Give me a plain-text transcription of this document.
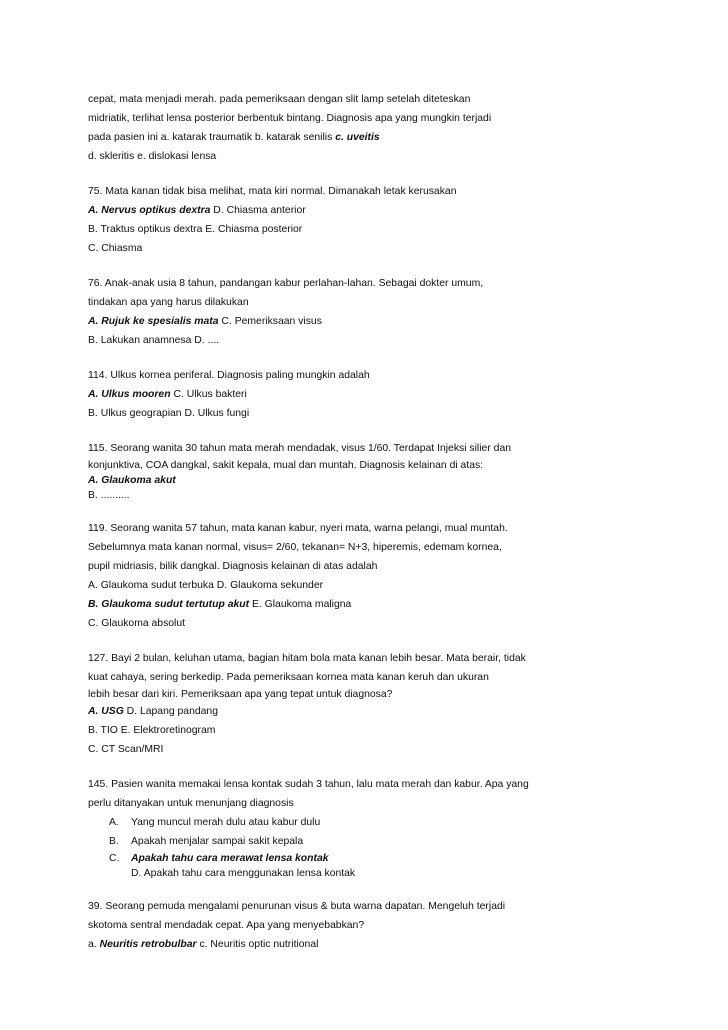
cepat, mata menjadi merah. pada pemeriksaan dengan slit lamp setelah diteteskan
midriatik, terlihat lensa posterior berbentuk bintang. Diagnosis apa yang mungkin terjadi
pada pasien ini a. katarak traumatik b. katarak senilis c. uveitis
d. skleritis e. dislokasi lensa
75. Mata kanan tidak bisa melihat, mata kiri normal. Dimanakah letak kerusakan
A. Nervus optikus dextra D. Chiasma anterior
B. Traktus optikus dextra E. Chiasma posterior
C. Chiasma
76. Anak-anak usia 8 tahun, pandangan kabur perlahan-lahan. Sebagai dokter umum,
tindakan apa yang harus dilakukan
A. Rujuk ke spesialis mata C. Pemeriksaan visus
B. Lakukan anamnesa D. ....
114. Ulkus kornea periferal. Diagnosis paling mungkin adalah
A. Ulkus mooren C. Ulkus bakteri
B. Ulkus geograpian D. Ulkus fungi
115. Seorang wanita 30 tahun mata merah mendadak, visus 1/60. Terdapat Injeksi silier dan
konjunktiva, COA dangkal, sakit kepala, mual dan muntah. Diagnosis kelainan di atas:
A. Glaukoma akut
B. ..........
119. Seorang wanita 57 tahun, mata kanan kabur, nyeri mata, warna pelangi, mual muntah.
Sebelumnya mata kanan normal, visus= 2/60, tekanan= N+3, hiperemis, edemam kornea,
pupil midriasis, bilik dangkal. Diagnosis kelainan di atas adalah
A. Glaukoma sudut terbuka D. Glaukoma sekunder
B. Glaukoma sudut tertutup akut E. Glaukoma maligna
C. Glaukoma absolut
127. Bayi 2 bulan, keluhan utama, bagian hitam bola mata kanan lebih besar. Mata berair, tidak
kuat cahaya, sering berkedip. Pada pemeriksaan kornea mata kanan keruh dan ukuran
lebih besar dari kiri. Pemeriksaan apa yang tepat untuk diagnosa?
A. USG D. Lapang pandang
B. TIO E. Elektroretinogram
C. CT Scan/MRI
145. Pasien wanita memakai lensa kontak sudah 3 tahun, lalu mata merah dan kabur. Apa yang
perlu ditanyakan untuk menunjang diagnosis
A.	Yang muncul merah dulu atau kabur dulu
B.	Apakah menjalar sampai sakit kepala
C.	Apakah tahu cara merawat lensa kontak
D. Apakah tahu cara menggunakan lensa kontak
39. Seorang pemuda mengalami penurunan visus & buta warna dapatan. Mengeluh terjadi
skotoma sentral mendadak cepat. Apa yang menyebabkan?
a. Neuritis retrobulbar c. Neuritis optic nutritional
